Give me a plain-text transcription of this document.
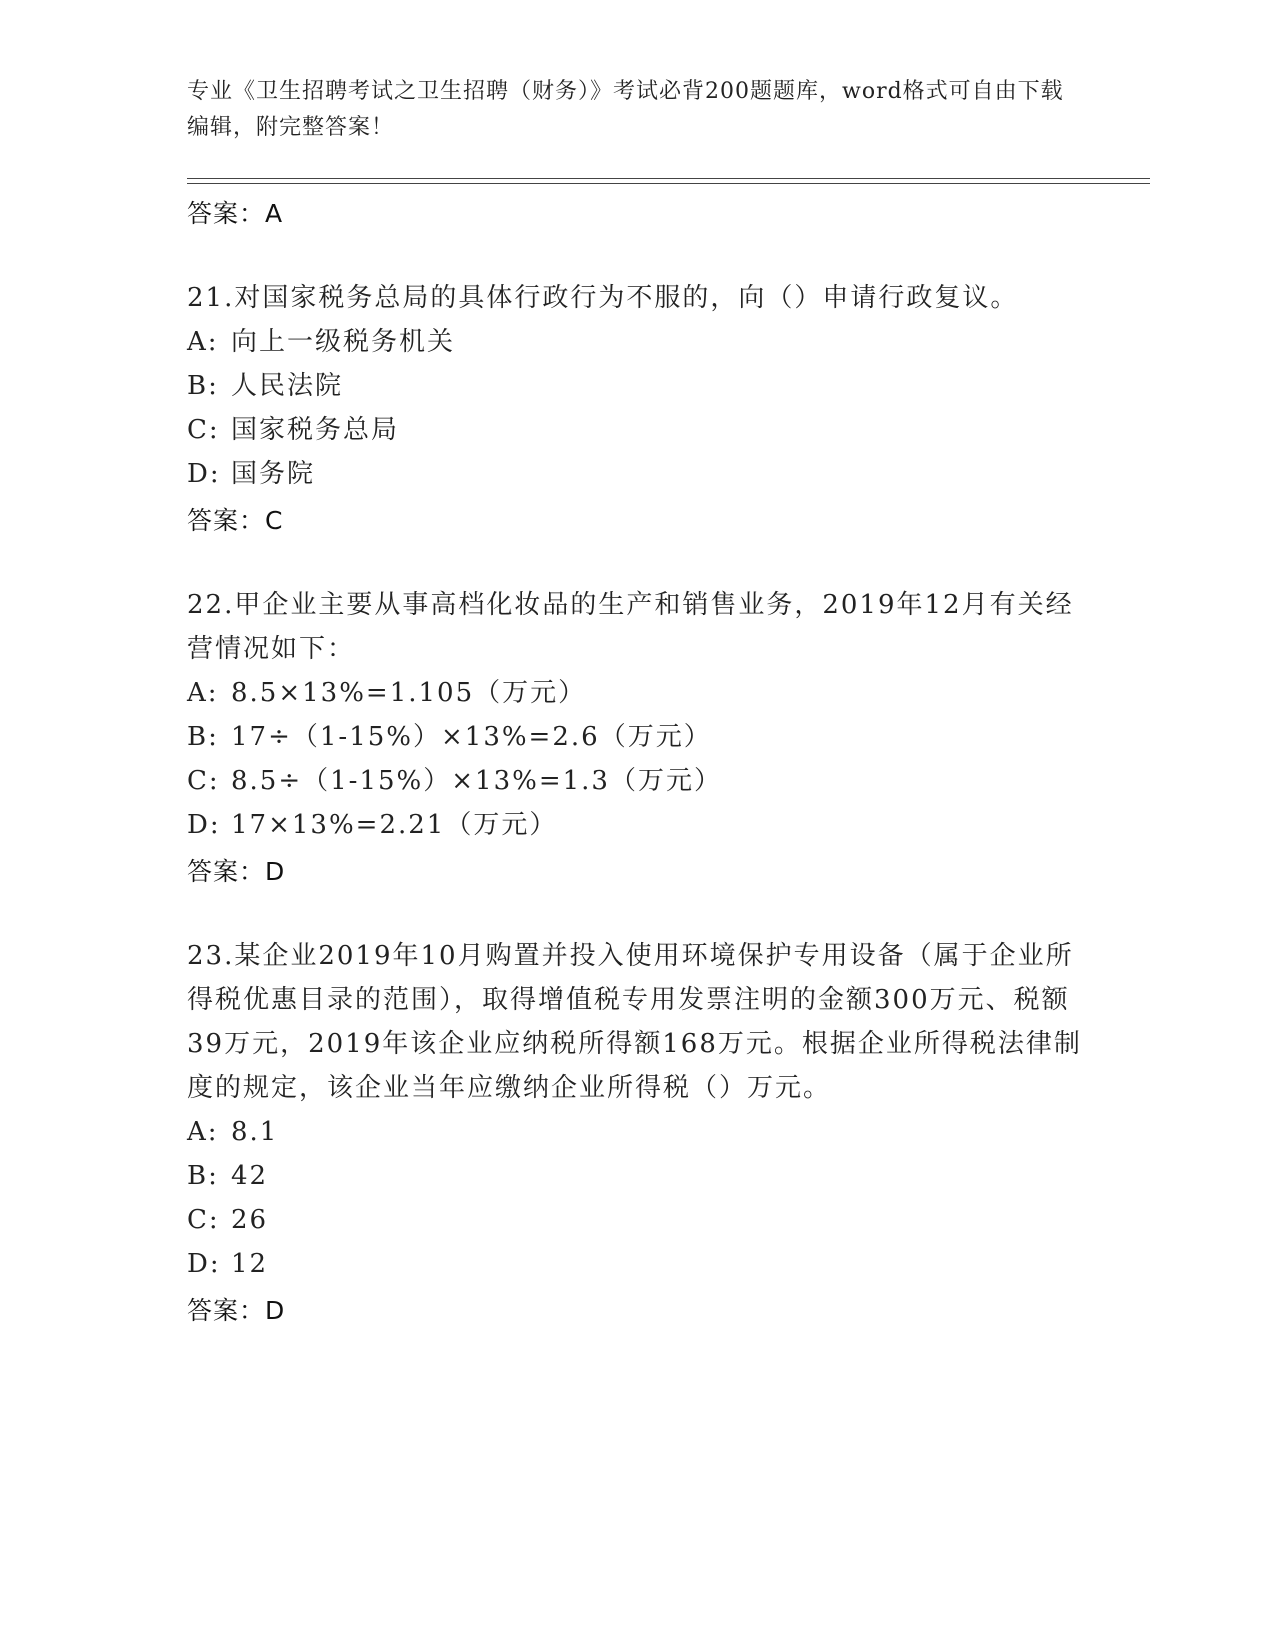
专业《卫生招聘考试之卫生招聘（财务）》考试必背200题题库，word格式可自由下载编辑，附完整答案！
答案：A
21.对国家税务总局的具体行政行为不服的，向（）申请行政复议。
A: 向上一级税务机关
B: 人民法院
C: 国家税务总局
D: 国务院
答案：C
22.甲企业主要从事高档化妆品的生产和销售业务，2019年12月有关经营情况如下：
A: 8.5×13%=1.105（万元）
B: 17÷（1-15%）×13%=2.6（万元）
C: 8.5÷（1-15%）×13%=1.3（万元）
D: 17×13%=2.21（万元）
答案：D
23.某企业2019年10月购置并投入使用环境保护专用设备（属于企业所得税优惠目录的范围），取得增值税专用发票注明的金额300万元、税额39万元，2019年该企业应纳税所得额168万元。根据企业所得税法律制度的规定，该企业当年应缴纳企业所得税（）万元。
A: 8.1
B: 42
C: 26
D: 12
答案：D
